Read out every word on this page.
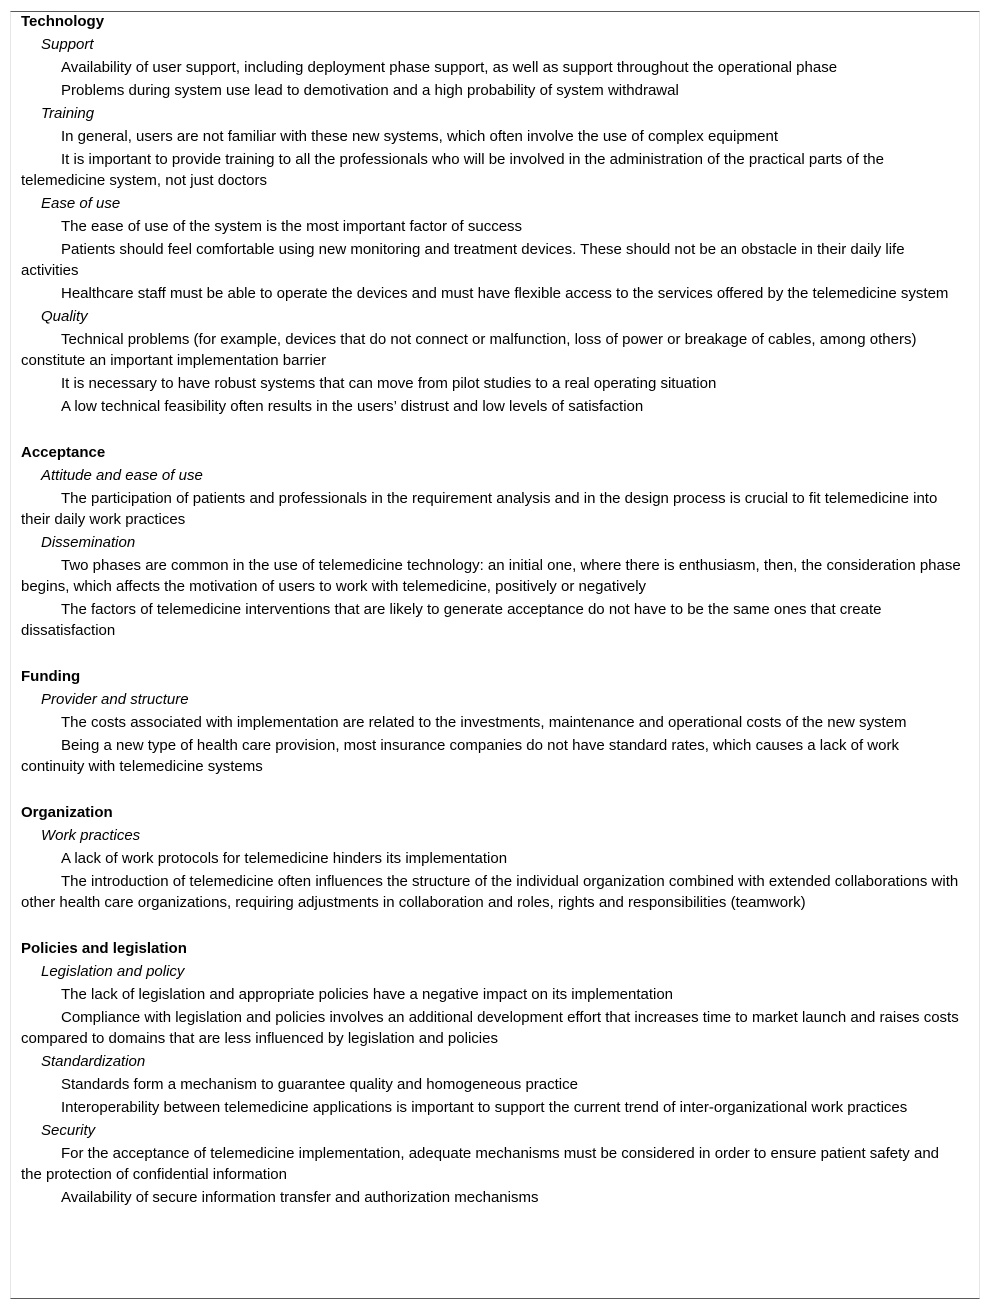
Technology
Support
Availability of user support, including deployment phase support, as well as support throughout the operational phase
Problems during system use lead to demotivation and a high probability of system withdrawal
Training
In general, users are not familiar with these new systems, which often involve the use of complex equipment
It is important to provide training to all the professionals who will be involved in the administration of the practical parts of the telemedicine system, not just doctors
Ease of use
The ease of use of the system is the most important factor of success
Patients should feel comfortable using new monitoring and treatment devices. These should not be an obstacle in their daily life activities
Healthcare staff must be able to operate the devices and must have flexible access to the services offered by the telemedicine system
Quality
Technical problems (for example, devices that do not connect or malfunction, loss of power or breakage of cables, among others) constitute an important implementation barrier
It is necessary to have robust systems that can move from pilot studies to a real operating situation
A low technical feasibility often results in the users’ distrust and low levels of satisfaction
Acceptance
Attitude and ease of use
The participation of patients and professionals in the requirement analysis and in the design process is crucial to fit telemedicine into their daily work practices
Dissemination
Two phases are common in the use of telemedicine technology: an initial one, where there is enthusiasm, then, the consideration phase begins, which affects the motivation of users to work with telemedicine, positively or negatively
The factors of telemedicine interventions that are likely to generate acceptance do not have to be the same ones that create dissatisfaction
Funding
Provider and structure
The costs associated with implementation are related to the investments, maintenance and operational costs of the new system
Being a new type of health care provision, most insurance companies do not have standard rates, which causes a lack of work continuity with telemedicine systems
Organization
Work practices
A lack of work protocols for telemedicine hinders its implementation
The introduction of telemedicine often influences the structure of the individual organization combined with extended collaborations with other health care organizations, requiring adjustments in collaboration and roles, rights and responsibilities (teamwork)
Policies and legislation
Legislation and policy
The lack of legislation and appropriate policies have a negative impact on its implementation
Compliance with legislation and policies involves an additional development effort that increases time to market launch and raises costs compared to domains that are less influenced by legislation and policies
Standardization
Standards form a mechanism to guarantee quality and homogeneous practice
Interoperability between telemedicine applications is important to support the current trend of inter-organizational work practices
Security
For the acceptance of telemedicine implementation, adequate mechanisms must be considered in order to ensure patient safety and the protection of confidential information
Availability of secure information transfer and authorization mechanisms
